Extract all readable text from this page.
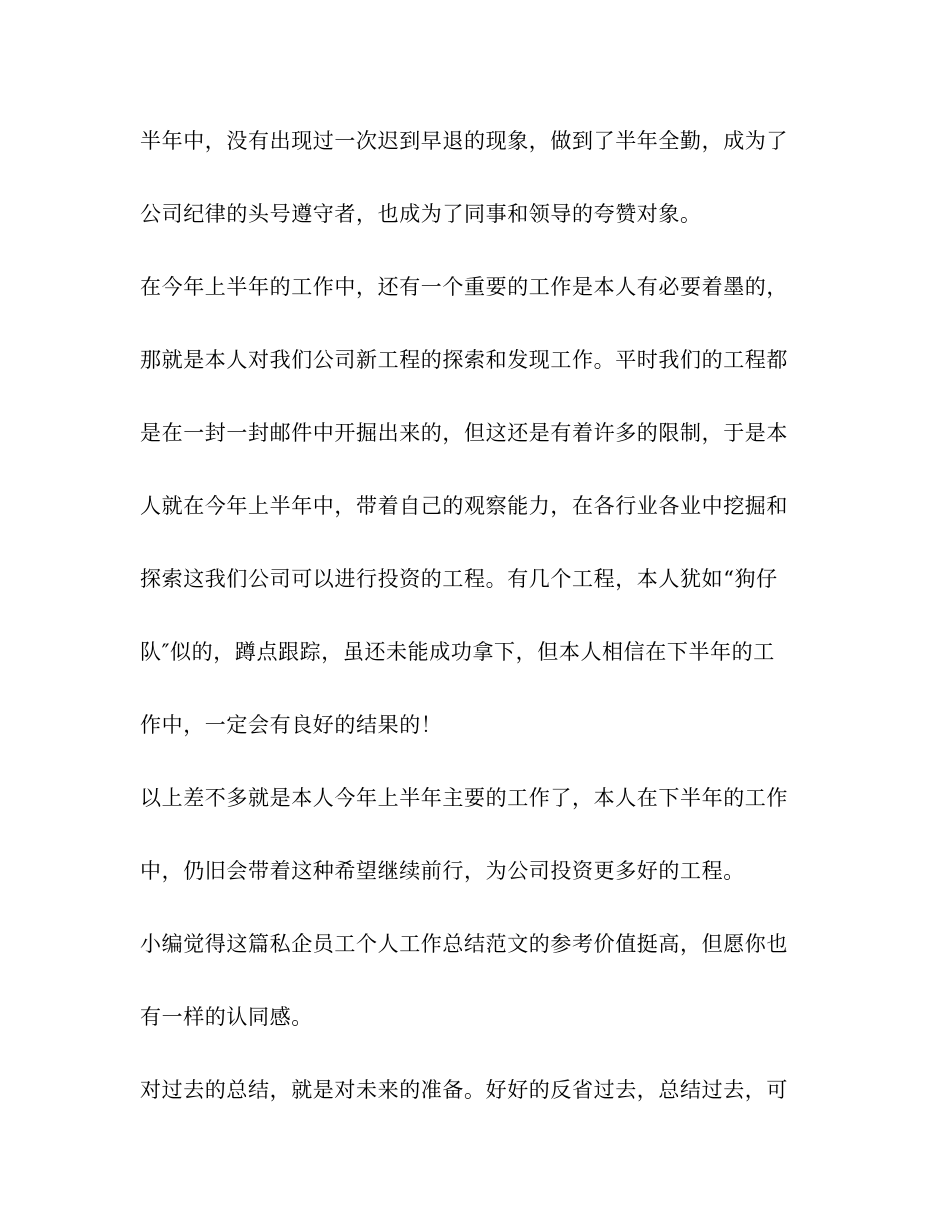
半年中，没有出现过一次迟到早退的现象，做到了半年全勤，成为了
公司纪律的头号遵守者，也成为了同事和领导的夸赞对象。
在今年上半年的工作中，还有一个重要的工作是本人有必要着墨的，
那就是本人对我们公司新工程的探索和发现工作。平时我们的工程都
是在一封一封邮件中开掘出来的，但这还是有着许多的限制，于是本
人就在今年上半年中，带着自己的观察能力，在各行业各业中挖掘和
探索这我们公司可以进行投资的工程。有几个工程，本人犹如“狗仔
队″似的，蹲点跟踪，虽还未能成功拿下，但本人相信在下半年的工
作中，一定会有良好的结果的！
以上差不多就是本人今年上半年主要的工作了，本人在下半年的工作
中，仍旧会带着这种希望继续前行，为公司投资更多好的工程。
小编觉得这篇私企员工个人工作总结范文的参考价值挺高，但愿你也
有一样的认同感。
对过去的总结，就是对未来的准备。好好的反省过去，总结过去，可
